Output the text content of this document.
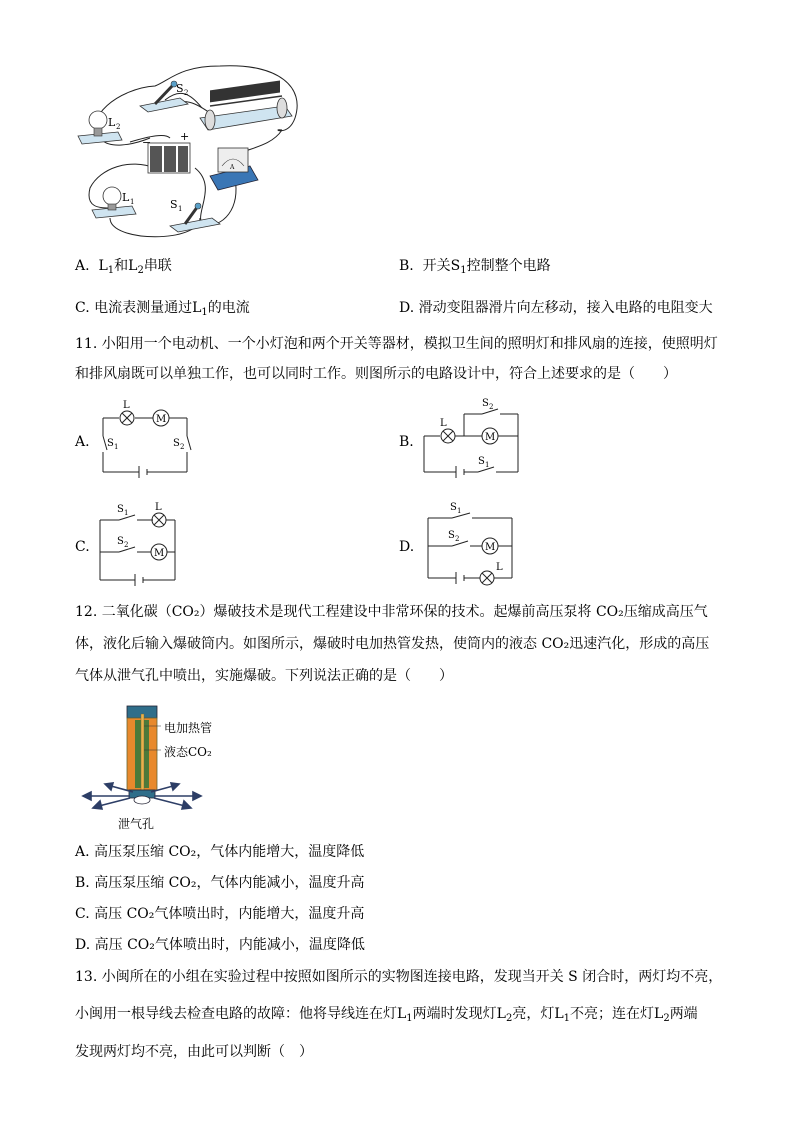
S 2
L 2
−	+
A
L 1	S 1
A. $L_1$和$L_2$串联	B. 开关$S_1$控制整个电路
C. 电流表测量通过$L_1$的电流	D. 滑动变阻器滑片向左移动，接入电路的电阻变大
11. 小阳用一个电动机、一个小灯泡和两个开关等器材，模拟卫生间的照明灯和排风扇的连接，使照明灯
和排风扇既可以单独工作，也可以同时工作。则图所示的电路设计中，符合上述要求的是（　　）
A.	B.
C.	D.
L
M
S 1	S 2
L
M
S 2
S 1
S 1	L
S 2
M
S 1
S 2
M
L
12. 二氧化碳（CO₂）爆破技术是现代工程建设中非常环保的技术。起爆前高压泵将 CO₂压缩成高压气
体，液化后输入爆破筒内。如图所示，爆破时电加热管发热，使筒内的液态 CO₂迅速汽化，形成的高压
气体从泄气孔中喷出，实施爆破。下列说法正确的是（　　）
电加热管
液态CO₂
泄气孔
A. 高压泵压缩 CO₂，气体内能增大，温度降低
B. 高压泵压缩 CO₂，气体内能减小，温度升高
C. 高压 CO₂气体喷出时，内能增大，温度升高
D. 高压 CO₂气体喷出时，内能减小，温度降低
13. 小闽所在的小组在实验过程中按照如图所示的实物图连接电路，发现当开关 S 闭合时，两灯均不亮，
小闽用一根导线去检查电路的故障：他将导线连在灯$L_1$两端时发现灯$L_2$亮，灯$L_1$不亮；连在灯$L_2$两端
发现两灯均不亮，由此可以判断（　）
